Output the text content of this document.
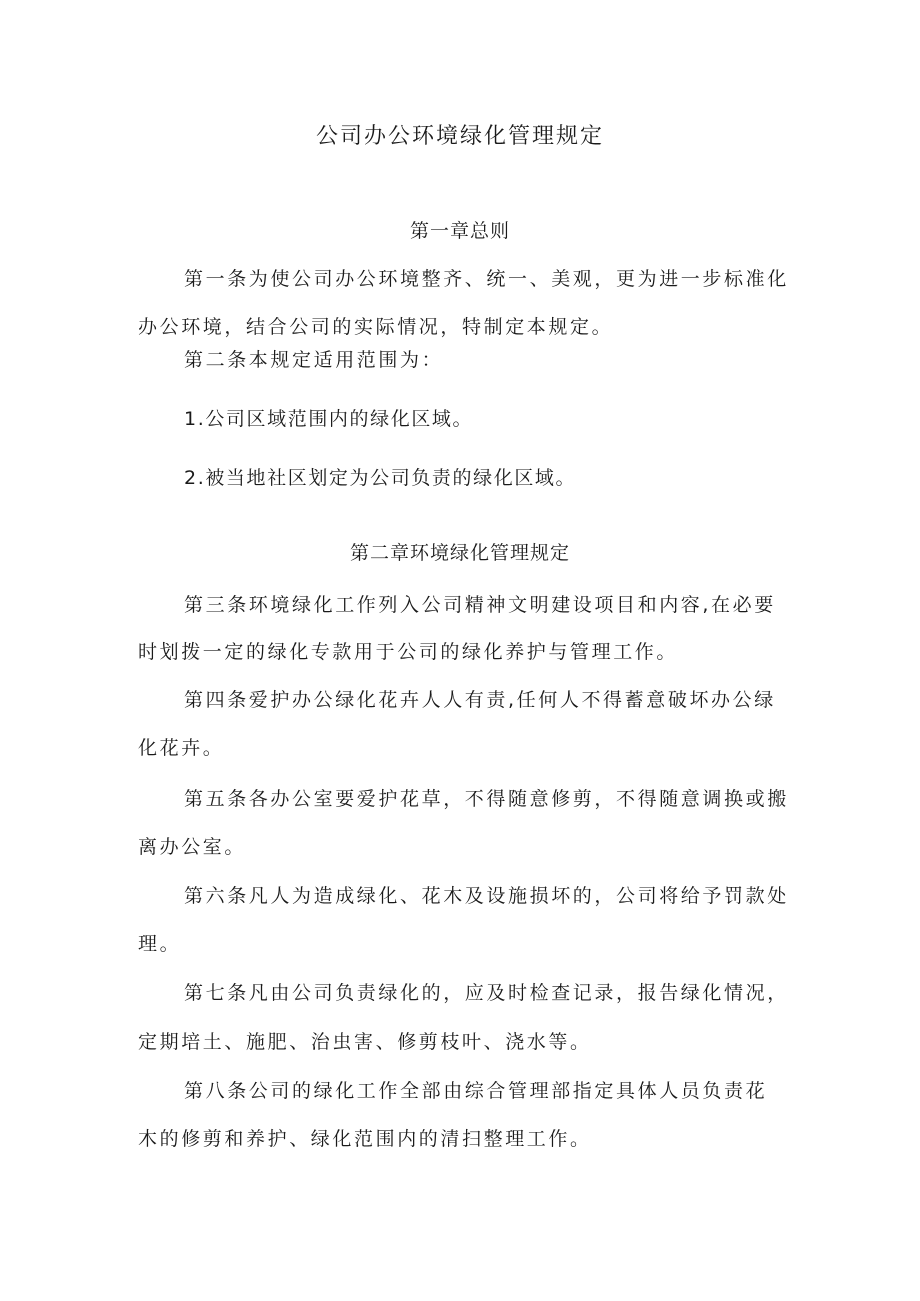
公司办公环境绿化管理规定
第一章总则
第一条为使公司办公环境整齐、统一、美观，更为进一步标准化
办公环境，结合公司的实际情况，特制定本规定。
第二条本规定适用范围为：
1.公司区域范围内的绿化区域。
2.被当地社区划定为公司负责的绿化区域。
第二章环境绿化管理规定
第三条环境绿化工作列入公司精神文明建设项目和内容,在必要
时划拨一定的绿化专款用于公司的绿化养护与管理工作。
第四条爱护办公绿化花卉人人有责,任何人不得蓄意破坏办公绿
化花卉。
第五条各办公室要爱护花草，不得随意修剪，不得随意调换或搬
离办公室。
第六条凡人为造成绿化、花木及设施损坏的，公司将给予罚款处
理。
第七条凡由公司负责绿化的，应及时检查记录，报告绿化情况，
定期培土、施肥、治虫害、修剪枝叶、浇水等。
第八条公司的绿化工作全部由综合管理部指定具体人员负责花
木的修剪和养护、绿化范围内的清扫整理工作。
